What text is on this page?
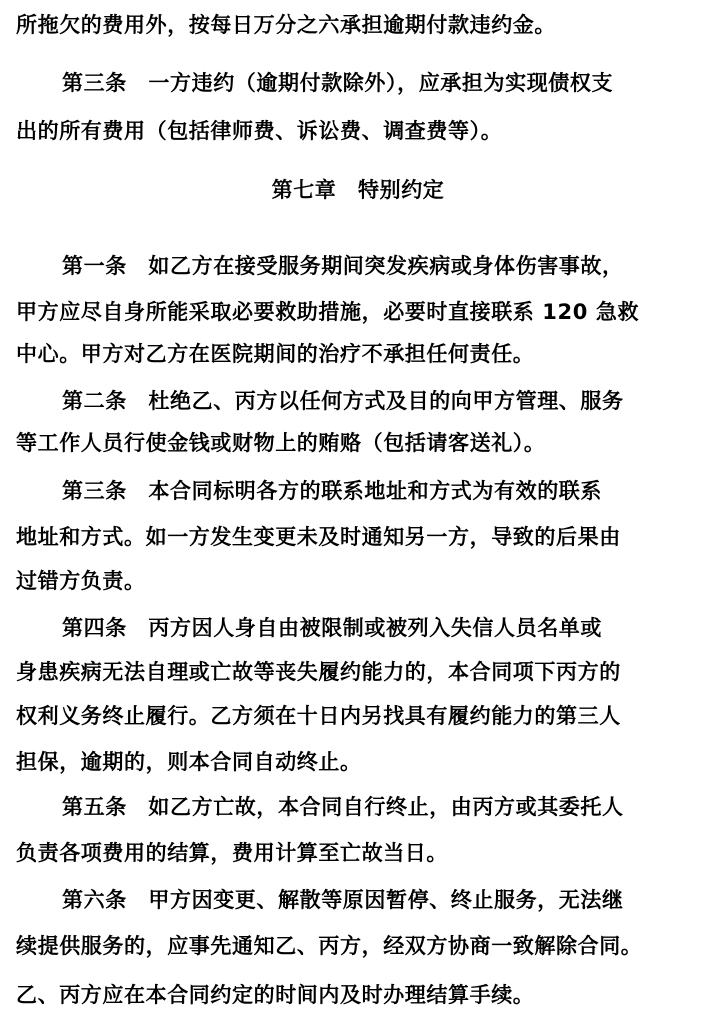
所拖欠的费用外，按每日万分之六承担逾期付款违约金。
第三条　一方违约（逾期付款除外），应承担为实现债权支
出的所有费用（包括律师费、诉讼费、调查费等）。
第七章　特别约定
第一条　如乙方在接受服务期间突发疾病或身体伤害事故，
甲方应尽自身所能采取必要救助措施，必要时直接联系 120 急救
中心。甲方对乙方在医院期间的治疗不承担任何责任。
第二条　杜绝乙、丙方以任何方式及目的向甲方管理、服务
等工作人员行使金钱或财物上的贿赂（包括请客送礼）。
第三条　本合同标明各方的联系地址和方式为有效的联系
地址和方式。如一方发生变更未及时通知另一方，导致的后果由
过错方负责。
第四条　丙方因人身自由被限制或被列入失信人员名单或
身患疾病无法自理或亡故等丧失履约能力的，本合同项下丙方的
权利义务终止履行。乙方须在十日内另找具有履约能力的第三人
担保，逾期的，则本合同自动终止。
第五条　如乙方亡故，本合同自行终止，由丙方或其委托人
负责各项费用的结算，费用计算至亡故当日。
第六条　甲方因变更、解散等原因暂停、终止服务，无法继
续提供服务的，应事先通知乙、丙方，经双方协商一致解除合同。
乙、丙方应在本合同约定的时间内及时办理结算手续。
